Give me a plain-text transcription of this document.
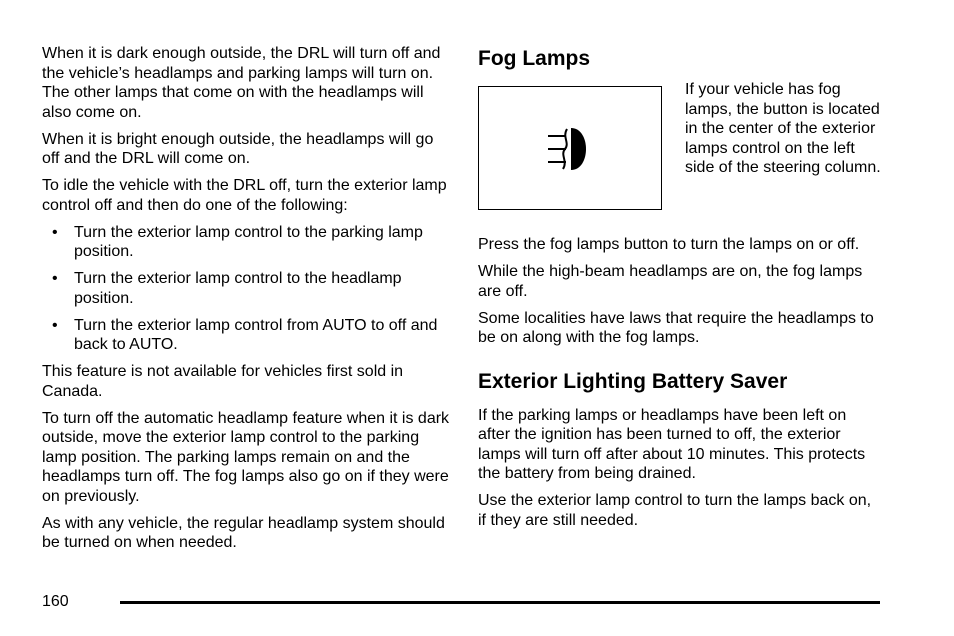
When it is dark enough outside, the DRL will turn off and the vehicle’s headlamps and parking lamps will turn on. The other lamps that come on with the headlamps will also come on.

When it is bright enough outside, the headlamps will go off and the DRL will come on.

To idle the vehicle with the DRL off, turn the exterior lamp control off and then do one of the following:

• Turn the exterior lamp control to the parking lamp position.
• Turn the exterior lamp control to the headlamp position.
• Turn the exterior lamp control from AUTO to off and back to AUTO.

This feature is not available for vehicles first sold in Canada.

To turn off the automatic headlamp feature when it is dark outside, move the exterior lamp control to the parking lamp position. The parking lamps remain on and the headlamps turn off. The fog lamps also go on if they were on previously.

As with any vehicle, the regular headlamp system should be turned on when needed.

Fog Lamps

If your vehicle has fog lamps, the button is located in the center of the exterior lamps control on the left side of the steering column.

Press the fog lamps button to turn the lamps on or off.

While the high-beam headlamps are on, the fog lamps are off.

Some localities have laws that require the headlamps to be on along with the fog lamps.

Exterior Lighting Battery Saver

If the parking lamps or headlamps have been left on after the ignition has been turned to off, the exterior lamps will turn off after about 10 minutes. This protects the battery from being drained.

Use the exterior lamp control to turn the lamps back on, if they are still needed.

160
